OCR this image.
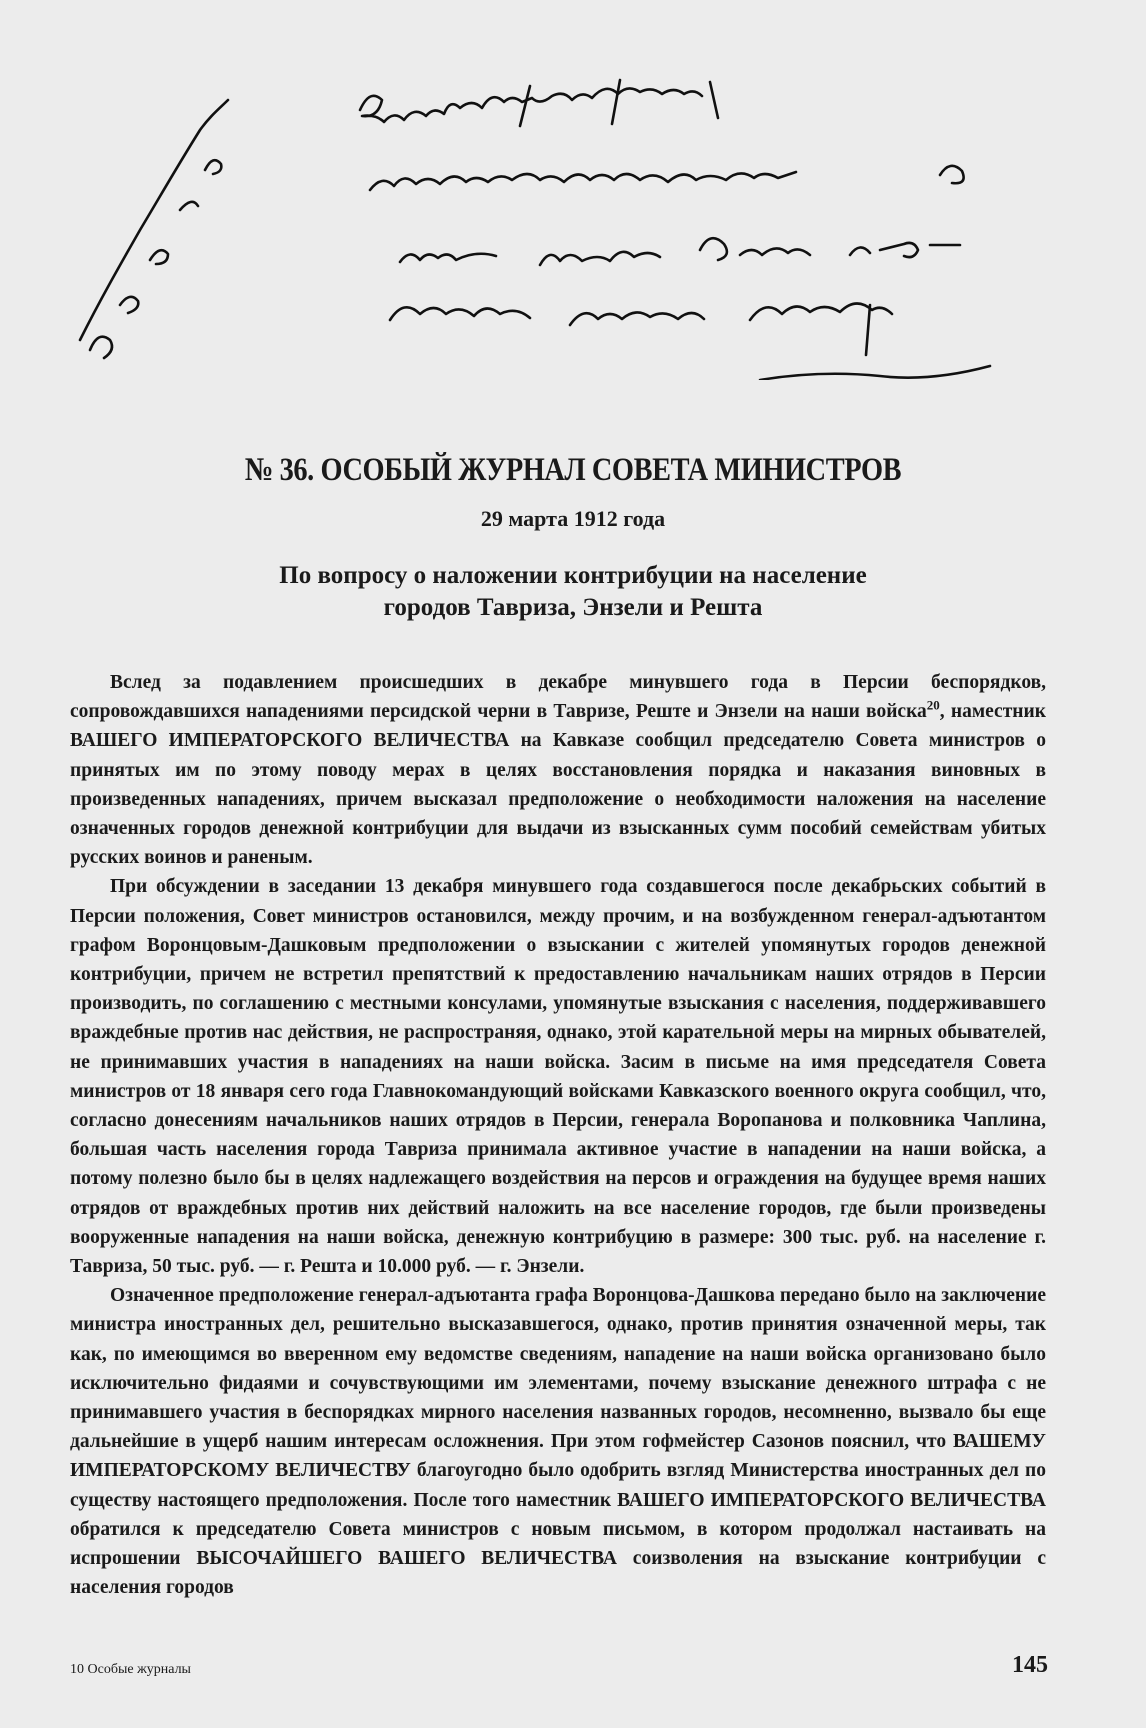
№ 36. ОСОБЫЙ ЖУРНАЛ СОВЕТА МИНИСТРОВ
29 марта 1912 года
По вопросу о наложении контрибуции на население
городов Тавриза, Энзели и Решта

Вслед за подавлением происшедших в декабре минувшего года в Персии беспорядков, сопровождавшихся нападениями персидской черни в Тавризе, Реште и Энзели на наши войска$^{20}$, наместник ВАШЕГО ИМПЕРАТОРСКОГО ВЕЛИЧЕСТВА на Кавказе сообщил председателю Совета министров о принятых им по этому поводу мерах в целях восстановления порядка и наказания виновных в произведенных нападениях, причем высказал предположение о необходимости наложения на население означенных городов денежной контрибуции для выдачи из взысканных сумм пособий семействам убитых русских воинов и раненым.

При обсуждении в заседании 13 декабря минувшего года создавшегося после декабрьских событий в Персии положения, Совет министров остановился, между прочим, и на возбужденном генерал-адъютантом графом Воронцовым-Дашковым предположении о взыскании с жителей упомянутых городов денежной контрибуции, причем не встретил препятствий к предоставлению начальникам наших отрядов в Персии производить, по соглашению с местными консулами, упомянутые взыскания с населения, поддерживавшего враждебные против нас действия, не распространяя, однако, этой карательной меры на мирных обывателей, не принимавших участия в нападениях на наши войска. Засим в письме на имя председателя Совета министров от 18 января сего года Главнокомандующий войсками Кавказского военного округа сообщил, что, согласно донесениям начальников наших отрядов в Персии, генерала Воропанова и полковника Чаплина, большая часть населения города Тавриза принимала активное участие в нападении на наши войска, а потому полезно было бы в целях надлежащего воздействия на персов и ограждения на будущее время наших отрядов от враждебных против них действий наложить на все население городов, где были произведены вооруженные нападения на наши войска, денежную контрибуцию в размере: 300 тыс. руб. на население г. Тавриза, 50 тыс. руб. — г. Решта и 10.000 руб. — г. Энзели.

Означенное предположение генерал-адъютанта графа Воронцова-Дашкова передано было на заключение министра иностранных дел, решительно высказавшегося, однако, против принятия означенной меры, так как, по имеющимся во вверенном ему ведомстве сведениям, нападение на наши войска организовано было исключительно фидаями и сочувствующими им элементами, почему взыскание денежного штрафа с не принимавшего участия в беспорядках мирного населения названных городов, несомненно, вызвало бы еще дальнейшие в ущерб нашим интересам осложнения. При этом гофмейстер Сазонов пояснил, что ВАШЕМУ ИМПЕРАТОРСКОМУ ВЕЛИЧЕСТВУ благоугодно было одобрить взгляд Министерства иностранных дел по существу настоящего предположения. После того наместник ВАШЕГО ИМПЕРАТОРСКОГО ВЕЛИЧЕСТВА обратился к председателю Совета министров с новым письмом, в котором продолжал настаивать на испрошении ВЫСОЧАЙШЕГО ВАШЕГО ВЕЛИЧЕСТВА соизволения на взыскание контрибуции с населения городов

10 Особые журналы	145
